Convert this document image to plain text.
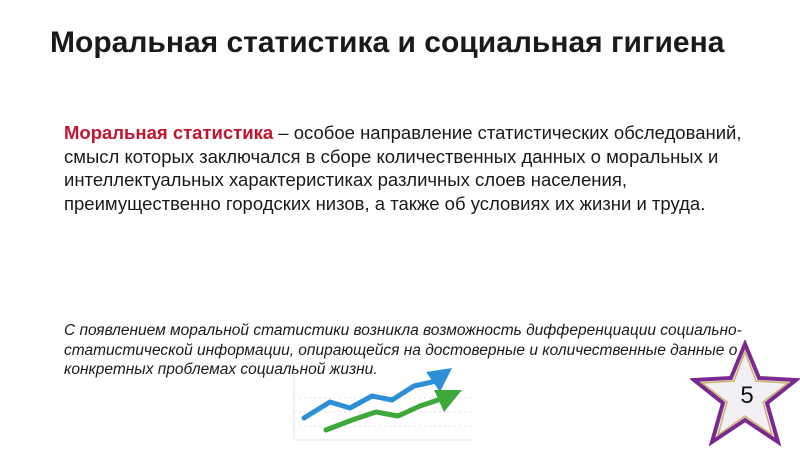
Моральная статистика и социальная гигиена

Моральная статистика – особое направление статистических обследований, смысл которых заключался в сборе количественных данных о моральных и интеллектуальных характеристиках различных слоев населения, преимущественно городских низов, а также об условиях их жизни и труда.

С появлением моральной статистики возникла возможность дифференциации социально-статистической информации, опирающейся на достоверные и количественные данные о конкретных проблемах социальной жизни.

5
